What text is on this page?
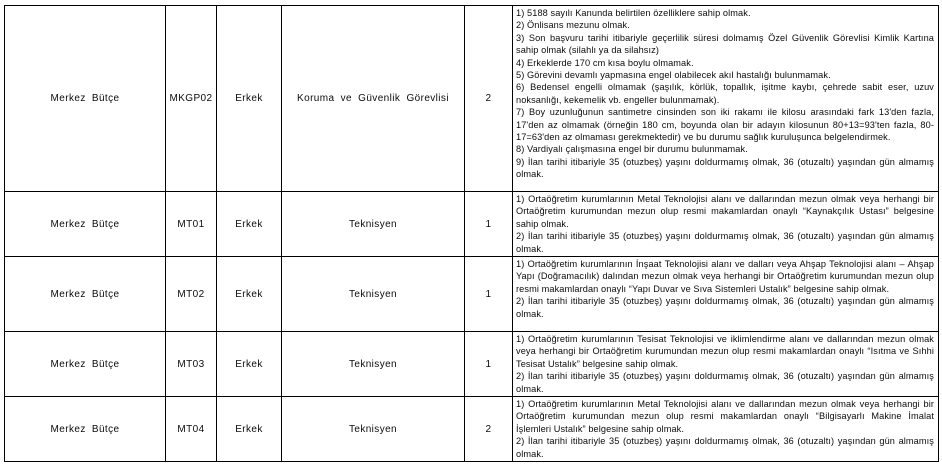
Merkez Bütçe	MKGP02	Erkek	Koruma ve Güvenlik Görevlisi	2	
1) 5188 sayılı Kanunda belirtilen özelliklere sahip olmak.
2) Önlisans mezunu olmak.
3) Son başvuru tarihi itibariyle geçerlilik süresi dolmamış Özel Güvenlik Görevlisi Kimlik Kartına sahip olmak (silahlı ya da silahsız)
4) Erkeklerde 170 cm kısa boylu olmamak.
5) Görevini devamlı yapmasına engel olabilecek akıl hastalığı bulunmamak.
6) Bedensel engelli olmamak (şaşılık, körlük, topallık, işitme kaybı, çehrede sabit eser, uzuv noksanlığı, kekemelik vb. engeller bulunmamak).
7) Boy uzunluğunun santimetre cinsinden son iki rakamı ile kilosu arasındaki fark 13'den fazla, 17'den az olmamak (örneğin 180 cm, boyunda olan bir adayın kilosunun 80+13=93'ten fazla, 80-17=63'den az olmaması gerekmektedir) ve bu durumu sağlık kuruluşunca belgelendirmek.
8) Vardiyalı çalışmasına engel bir durumu bulunmamak.
9) İlan tarihi itibariyle 35 (otuzbeş) yaşını doldurmamış olmak, 36 (otuzaltı) yaşından gün almamış olmak.

Merkez Bütçe	MT01	Erkek	Teknisyen	1	1) Ortaöğretim kurumlarının Metal Teknolojisi alanı ve dallarından mezun olmak veya herhangi bir Ortaöğretim kurumundan mezun olup resmi makamlardan onaylı “Kaynakçılık Ustası” belgesine sahip olmak.
2) İlan tarihi itibariyle 35 (otuzbeş) yaşını doldurmamış olmak, 36 (otuzaltı) yaşından gün almamış olmak.

Merkez Bütçe	MT02	Erkek	Teknisyen	1	1) Ortaöğretim kurumlarının İnşaat Teknolojisi alanı ve dalları veya Ahşap Teknolojisi alanı – Ahşap Yapı (Doğramacılık) dalından mezun olmak veya herhangi bir Ortaöğretim kurumundan mezun olup resmi makamlardan onaylı “Yapı Duvar ve Sıva Sistemleri Ustalık” belgesine sahip olmak.
2) İlan tarihi itibariyle 35 (otuzbeş) yaşını doldurmamış olmak, 36 (otuzaltı) yaşından gün almamış olmak.

Merkez Bütçe	MT03	Erkek	Teknisyen	1	1) Ortaöğretim kurumlarının Tesisat Teknolojisi ve iklimlendirme alanı ve dallarından mezun olmak veya herhangi bir Ortaöğretim kurumundan mezun olup resmi makamlardan onaylı “Isıtma ve Sıhhi Tesisat Ustalık” belgesine sahip olmak.
2) İlan tarihi itibariyle 35 (otuzbeş) yaşını doldurmamış olmak, 36 (otuzaltı) yaşından gün almamış olmak.

Merkez Bütçe	MT04	Erkek	Teknisyen	2	1) Ortaöğretim kurumlarının Metal Teknolojisi alanı ve dallarından mezun olmak veya herhangi bir Ortaöğretim kurumundan mezun olup resmi makamlardan onaylı “Bilgisayarlı Makine İmalat İşlemleri Ustalık” belgesine sahip olmak.
2) İlan tarihi itibariyle 35 (otuzbeş) yaşını doldurmamış olmak, 36 (otuzaltı) yaşından gün almamış olmak.
